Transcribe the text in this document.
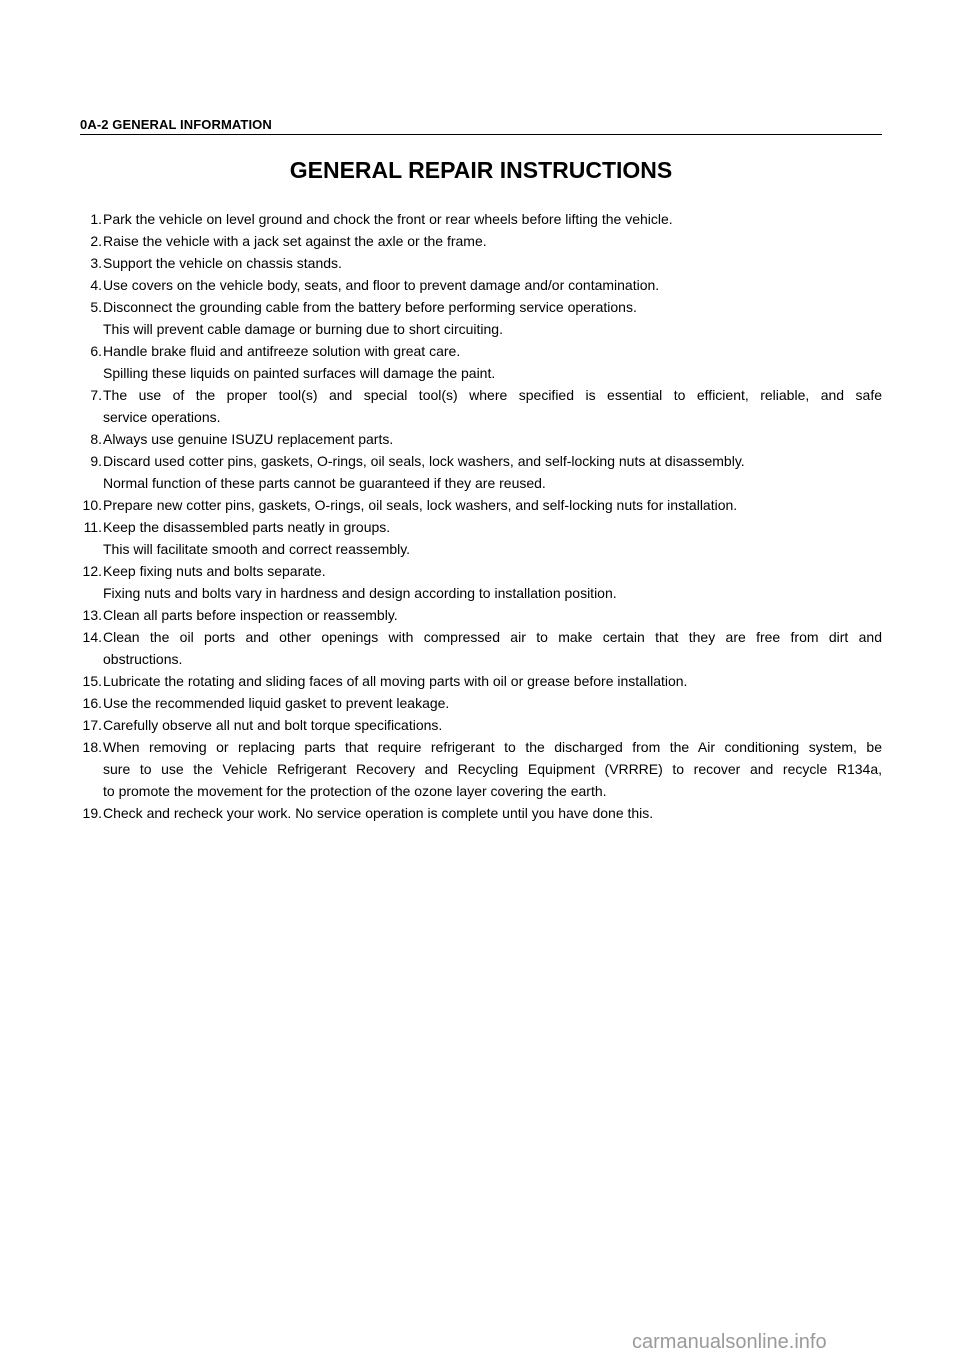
0A-2 GENERAL INFORMATION
GENERAL REPAIR INSTRUCTIONS
1. Park the vehicle on level ground and chock the front or rear wheels before lifting the vehicle.
2. Raise the vehicle with a jack set against the axle or the frame.
3. Support the vehicle on chassis stands.
4. Use covers on the vehicle body, seats, and floor to prevent damage and/or contamination.
5. Disconnect the grounding cable from the battery before performing service operations.
This will prevent cable damage or burning due to short circuiting.
6. Handle brake fluid and antifreeze solution with great care.
Spilling these liquids on painted surfaces will damage the paint.
7. The use of the proper tool(s) and special tool(s) where specified is essential to efficient, reliable, and safe
service operations.
8. Always use genuine ISUZU replacement parts.
9. Discard used cotter pins, gaskets, O-rings, oil seals, lock washers, and self-locking nuts at disassembly.
Normal function of these parts cannot be guaranteed if they are reused.
10. Prepare new cotter pins, gaskets, O-rings, oil seals, lock washers, and self-locking nuts for installation.
11. Keep the disassembled parts neatly in groups.
This will facilitate smooth and correct reassembly.
12. Keep fixing nuts and bolts separate.
Fixing nuts and bolts vary in hardness and design according to installation position.
13. Clean all parts before inspection or reassembly.
14. Clean the oil ports and other openings with compressed air to make certain that they are free from dirt and
obstructions.
15. Lubricate the rotating and sliding faces of all moving parts with oil or grease before installation.
16. Use the recommended liquid gasket to prevent leakage.
17. Carefully observe all nut and bolt torque specifications.
18. When removing or replacing parts that require refrigerant to the discharged from the Air conditioning system, be
sure to use the Vehicle Refrigerant Recovery and Recycling Equipment (VRRRE) to recover and recycle R134a,
to promote the movement for the protection of the ozone layer covering the earth.
19. Check and recheck your work. No service operation is complete until you have done this.
carmanualsonline.info
